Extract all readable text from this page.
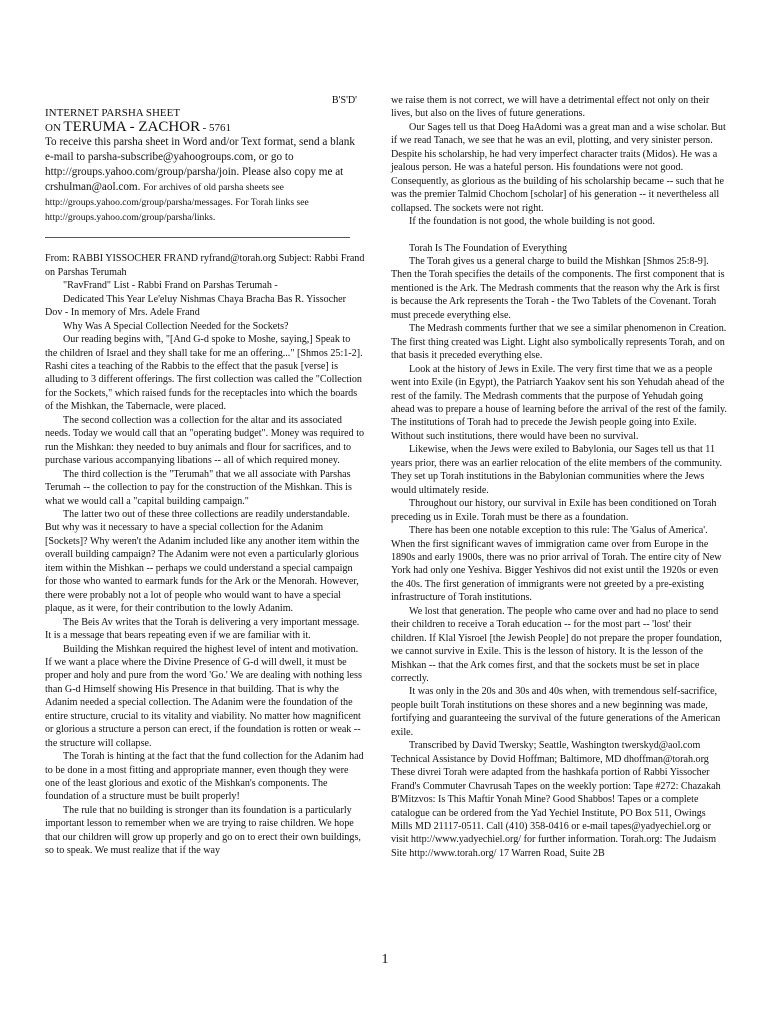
B'S'D'

INTERNET PARSHA SHEET

ON TERUMA - ZACHOR - 5761

To receive this parsha sheet in Word and/or Text format, send a blank e-mail to parsha-subscribe@yahoogroups.com, or go to http://groups.yahoo.com/group/parsha/join. Please also copy me at crshulman@aol.com. For archives of old parsha sheets see http://groups.yahoo.com/group/parsha/messages. For Torah links see http://groups.yahoo.com/group/parsha/links.

From: RABBI YISSOCHER FRAND ryfrand@torah.org Subject: Rabbi Frand on Parshas Terumah

"RavFrand" List - Rabbi Frand on Parshas Terumah -

Dedicated This Year Le'eluy Nishmas Chaya Bracha Bas R. Yissocher Dov - In memory of Mrs. Adele Frand

Why Was A Special Collection Needed for the Sockets?

Our reading begins with, "[And G-d spoke to Moshe, saying,] Speak to the children of Israel and they shall take for me an offering..." [Shmos 25:1-2]. Rashi cites a teaching of the Rabbis to the effect that the pasuk [verse] is alluding to 3 different offerings. The first collection was called the "Collection for the Sockets," which raised funds for the receptacles into which the boards of the Mishkan, the Tabernacle, were placed.

The second collection was a collection for the altar and its associated needs. Today we would call that an "operating budget". Money was required to run the Mishkan: they needed to buy animals and flour for sacrifices, and to purchase various accompanying libations -- all of which required money.

The third collection is the "Terumah" that we all associate with Parshas Terumah -- the collection to pay for the construction of the Mishkan. This is what we would call a "capital building campaign."

The latter two out of these three collections are readily understandable. But why was it necessary to have a special collection for the Adanim [Sockets]? Why weren't the Adanim included like any another item within the overall building campaign? The Adanim were not even a particularly glorious item within the Mishkan -- perhaps we could understand a special campaign for those who wanted to earmark funds for the Ark or the Menorah. However, there were probably not a lot of people who would want to have a special plaque, as it were, for their contribution to the lowly Adanim.

The Beis Av writes that the Torah is delivering a very important message. It is a message that bears repeating even if we are familiar with it.

Building the Mishkan required the highest level of intent and motivation. If we want a place where the Divine Presence of G-d will dwell, it must be proper and holy and pure from the word 'Go.' We are dealing with nothing less than G-d Himself showing His Presence in that building. That is why the Adanim needed a special collection. The Adanim were the foundation of the entire structure, crucial to its vitality and viability. No matter how magnificent or glorious a structure a person can erect, if the foundation is rotten or weak -- the structure will collapse.

The Torah is hinting at the fact that the fund collection for the Adanim had to be done in a most fitting and appropriate manner, even though they were one of the least glorious and exotic of the Mishkan's components. The foundation of a structure must be built properly!

The rule that no building is stronger than its foundation is a particularly important lesson to remember when we are trying to raise children. We hope that our children will grow up properly and go on to erect their own buildings, so to speak. We must realize that if the way

we raise them is not correct, we will have a detrimental effect not only on their lives, but also on the lives of future generations.

Our Sages tell us that Doeg HaAdomi was a great man and a wise scholar. But if we read Tanach, we see that he was an evil, plotting, and very sinister person. Despite his scholarship, he had very imperfect character traits (Midos). He was a jealous person. He was a hateful person. His foundations were not good. Consequently, as glorious as the building of his scholarship became -- such that he was the premier Talmid Chochom [scholar] of his generation -- it nevertheless all collapsed. The sockets were not right.

If the foundation is not good, the whole building is not good.

Torah Is The Foundation of Everything

The Torah gives us a general charge to build the Mishkan [Shmos 25:8-9]. Then the Torah specifies the details of the components. The first component that is mentioned is the Ark. The Medrash comments that the reason why the Ark is first is because the Ark represents the Torah - the Two Tablets of the Covenant. Torah must precede everything else.

The Medrash comments further that we see a similar phenomenon in Creation. The first thing created was Light. Light also symbolically represents Torah, and on that basis it preceded everything else.

Look at the history of Jews in Exile. The very first time that we as a people went into Exile (in Egypt), the Patriarch Yaakov sent his son Yehudah ahead of the rest of the family. The Medrash comments that the purpose of Yehudah going ahead was to prepare a house of learning before the arrival of the rest of the family. The institutions of Torah had to precede the Jewish people going into Exile. Without such institutions, there would have been no survival.

Likewise, when the Jews were exiled to Babylonia, our Sages tell us that 11 years prior, there was an earlier relocation of the elite members of the community. They set up Torah institutions in the Babylonian communities where the Jews would ultimately reside.

Throughout our history, our survival in Exile has been conditioned on Torah preceding us in Exile. Torah must be there as a foundation.

There has been one notable exception to this rule: The 'Galus of America'. When the first significant waves of immigration came over from Europe in the 1890s and early 1900s, there was no prior arrival of Torah. The entire city of New York had only one Yeshiva. Bigger Yeshivos did not exist until the 1920s or even the 40s. The first generation of immigrants were not greeted by a pre-existing infrastructure of Torah institutions.

We lost that generation. The people who came over and had no place to send their children to receive a Torah education -- for the most part -- 'lost' their children. If Klal Yisroel [the Jewish People] do not prepare the proper foundation, we cannot survive in Exile. This is the lesson of history. It is the lesson of the Mishkan -- that the Ark comes first, and that the sockets must be set in place correctly.

It was only in the 20s and 30s and 40s when, with tremendous self-sacrifice, people built Torah institutions on these shores and a new beginning was made, fortifying and guaranteeing the survival of the future generations of the American exile.

Transcribed by David Twersky; Seattle, Washington twerskyd@aol.com Technical Assistance by Dovid Hoffman; Baltimore, MD dhoffman@torah.org These divrei Torah were adapted from the hashkafa portion of Rabbi Yissocher Frand's Commuter Chavrusah Tapes on the weekly portion: Tape #272: Chazakah B'Mitzvos: Is This Maftir Yonah Mine? Good Shabbos! Tapes or a complete catalogue can be ordered from the Yad Yechiel Institute, PO Box 511, Owings Mills MD 21117-0511. Call (410) 358-0416 or e-mail tapes@yadyechiel.org or visit http://www.yadyechiel.org/ for further information. Torah.org: The Judaism Site http://www.torah.org/ 17 Warren Road, Suite 2B

1
